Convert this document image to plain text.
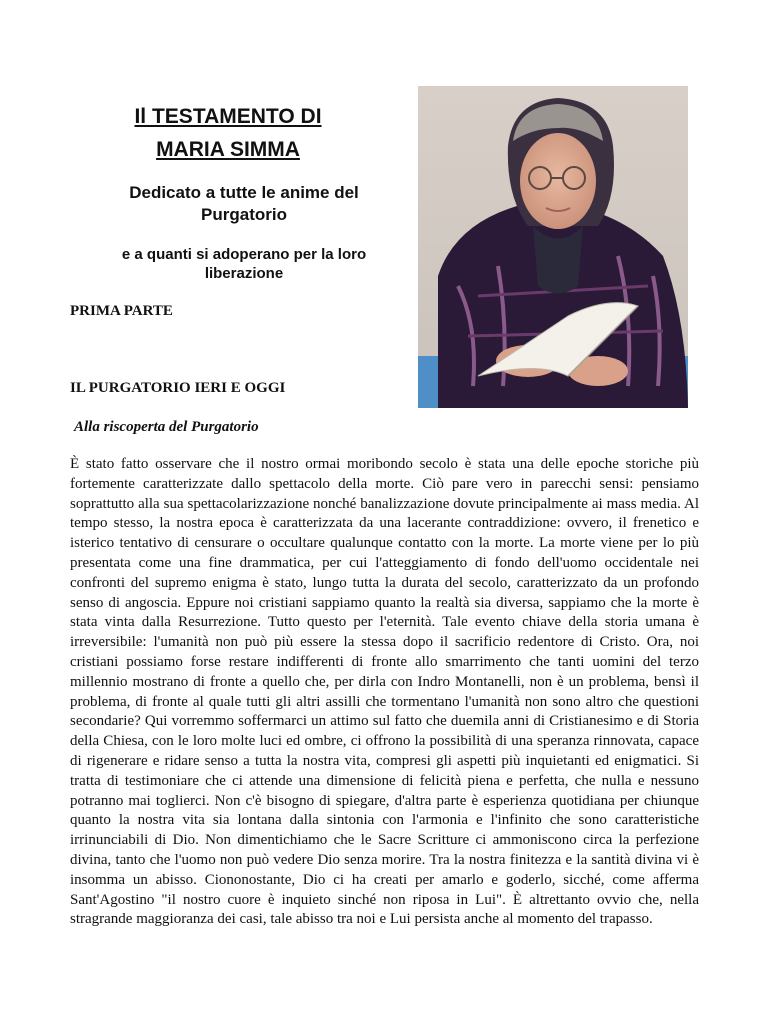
Il TESTAMENTO DI
MARIA SIMMA
Dedicato a tutte le anime del Purgatorio
e a quanti si adoperano per la loro liberazione
PRIMA PARTE
IL PURGATORIO IERI E OGGI
Alla riscoperta del Purgatorio

È stato fatto osservare che il nostro ormai moribondo secolo è stata una delle epoche storiche più fortemente caratterizzate dallo spettacolo della morte. Ciò pare vero in parecchi sensi: pensiamo soprattutto alla sua spettacolarizzazione nonché banalizzazione dovute principalmente ai mass media. Al tempo stesso, la nostra epoca è caratterizzata da una lacerante contraddizione: ovvero, il frenetico e isterico tentativo di censurare o occultare qualunque contatto con la morte. La morte viene per lo più presentata come una fine drammatica, per cui l'atteggiamento di fondo dell'uomo occidentale nei confronti del supremo enigma è stato, lungo tutta la durata del secolo, caratterizzato da un profondo senso di angoscia. Eppure noi cristiani sappiamo quanto la realtà sia diversa, sappiamo che la morte è stata vinta dalla Resurrezione. Tutto questo per l'eternità. Tale evento chiave della storia umana è irreversibile: l'umanità non può più essere la stessa dopo il sacrificio redentore di Cristo. Ora, noi cristiani possiamo forse restare indifferenti di fronte allo smarrimento che tanti uomini del terzo millennio mostrano di fronte a quello che, per dirla con Indro Montanelli, non è un problema, bensì il problema, di fronte al quale tutti gli altri assilli che tormentano l'umanità non sono altro che questioni secondarie? Qui vorremmo soffermarci un attimo sul fatto che duemila anni di Cristianesimo e di Storia della Chiesa, con le loro molte luci ed ombre, ci offrono la possibilità di una speranza rinnovata, capace di rigenerare e ridare senso a tutta la nostra vita, compresi gli aspetti più inquietanti ed enigmatici. Si tratta di testimoniare che ci attende una dimensione di felicità piena e perfetta, che nulla e nessuno potranno mai toglierci. Non c'è bisogno di spiegare, d'altra parte è esperienza quotidiana per chiunque quanto la nostra vita sia lontana dalla sintonia con l'armonia e l'infinito che sono caratteristiche irrinunciabili di Dio. Non dimentichiamo che le Sacre Scritture ci ammoniscono circa la perfezione divina, tanto che l'uomo non può vedere Dio senza morire. Tra la nostra finitezza e la santità divina vi è insomma un abisso. Ciononostante, Dio ci ha creati per amarlo e goderlo, sicché, come afferma Sant'Agostino "il nostro cuore è inquieto sinché non riposa in Lui". È altrettanto ovvio che, nella stragrande maggioranza dei casi, tale abisso tra noi e Lui persista anche al momento del trapasso.
